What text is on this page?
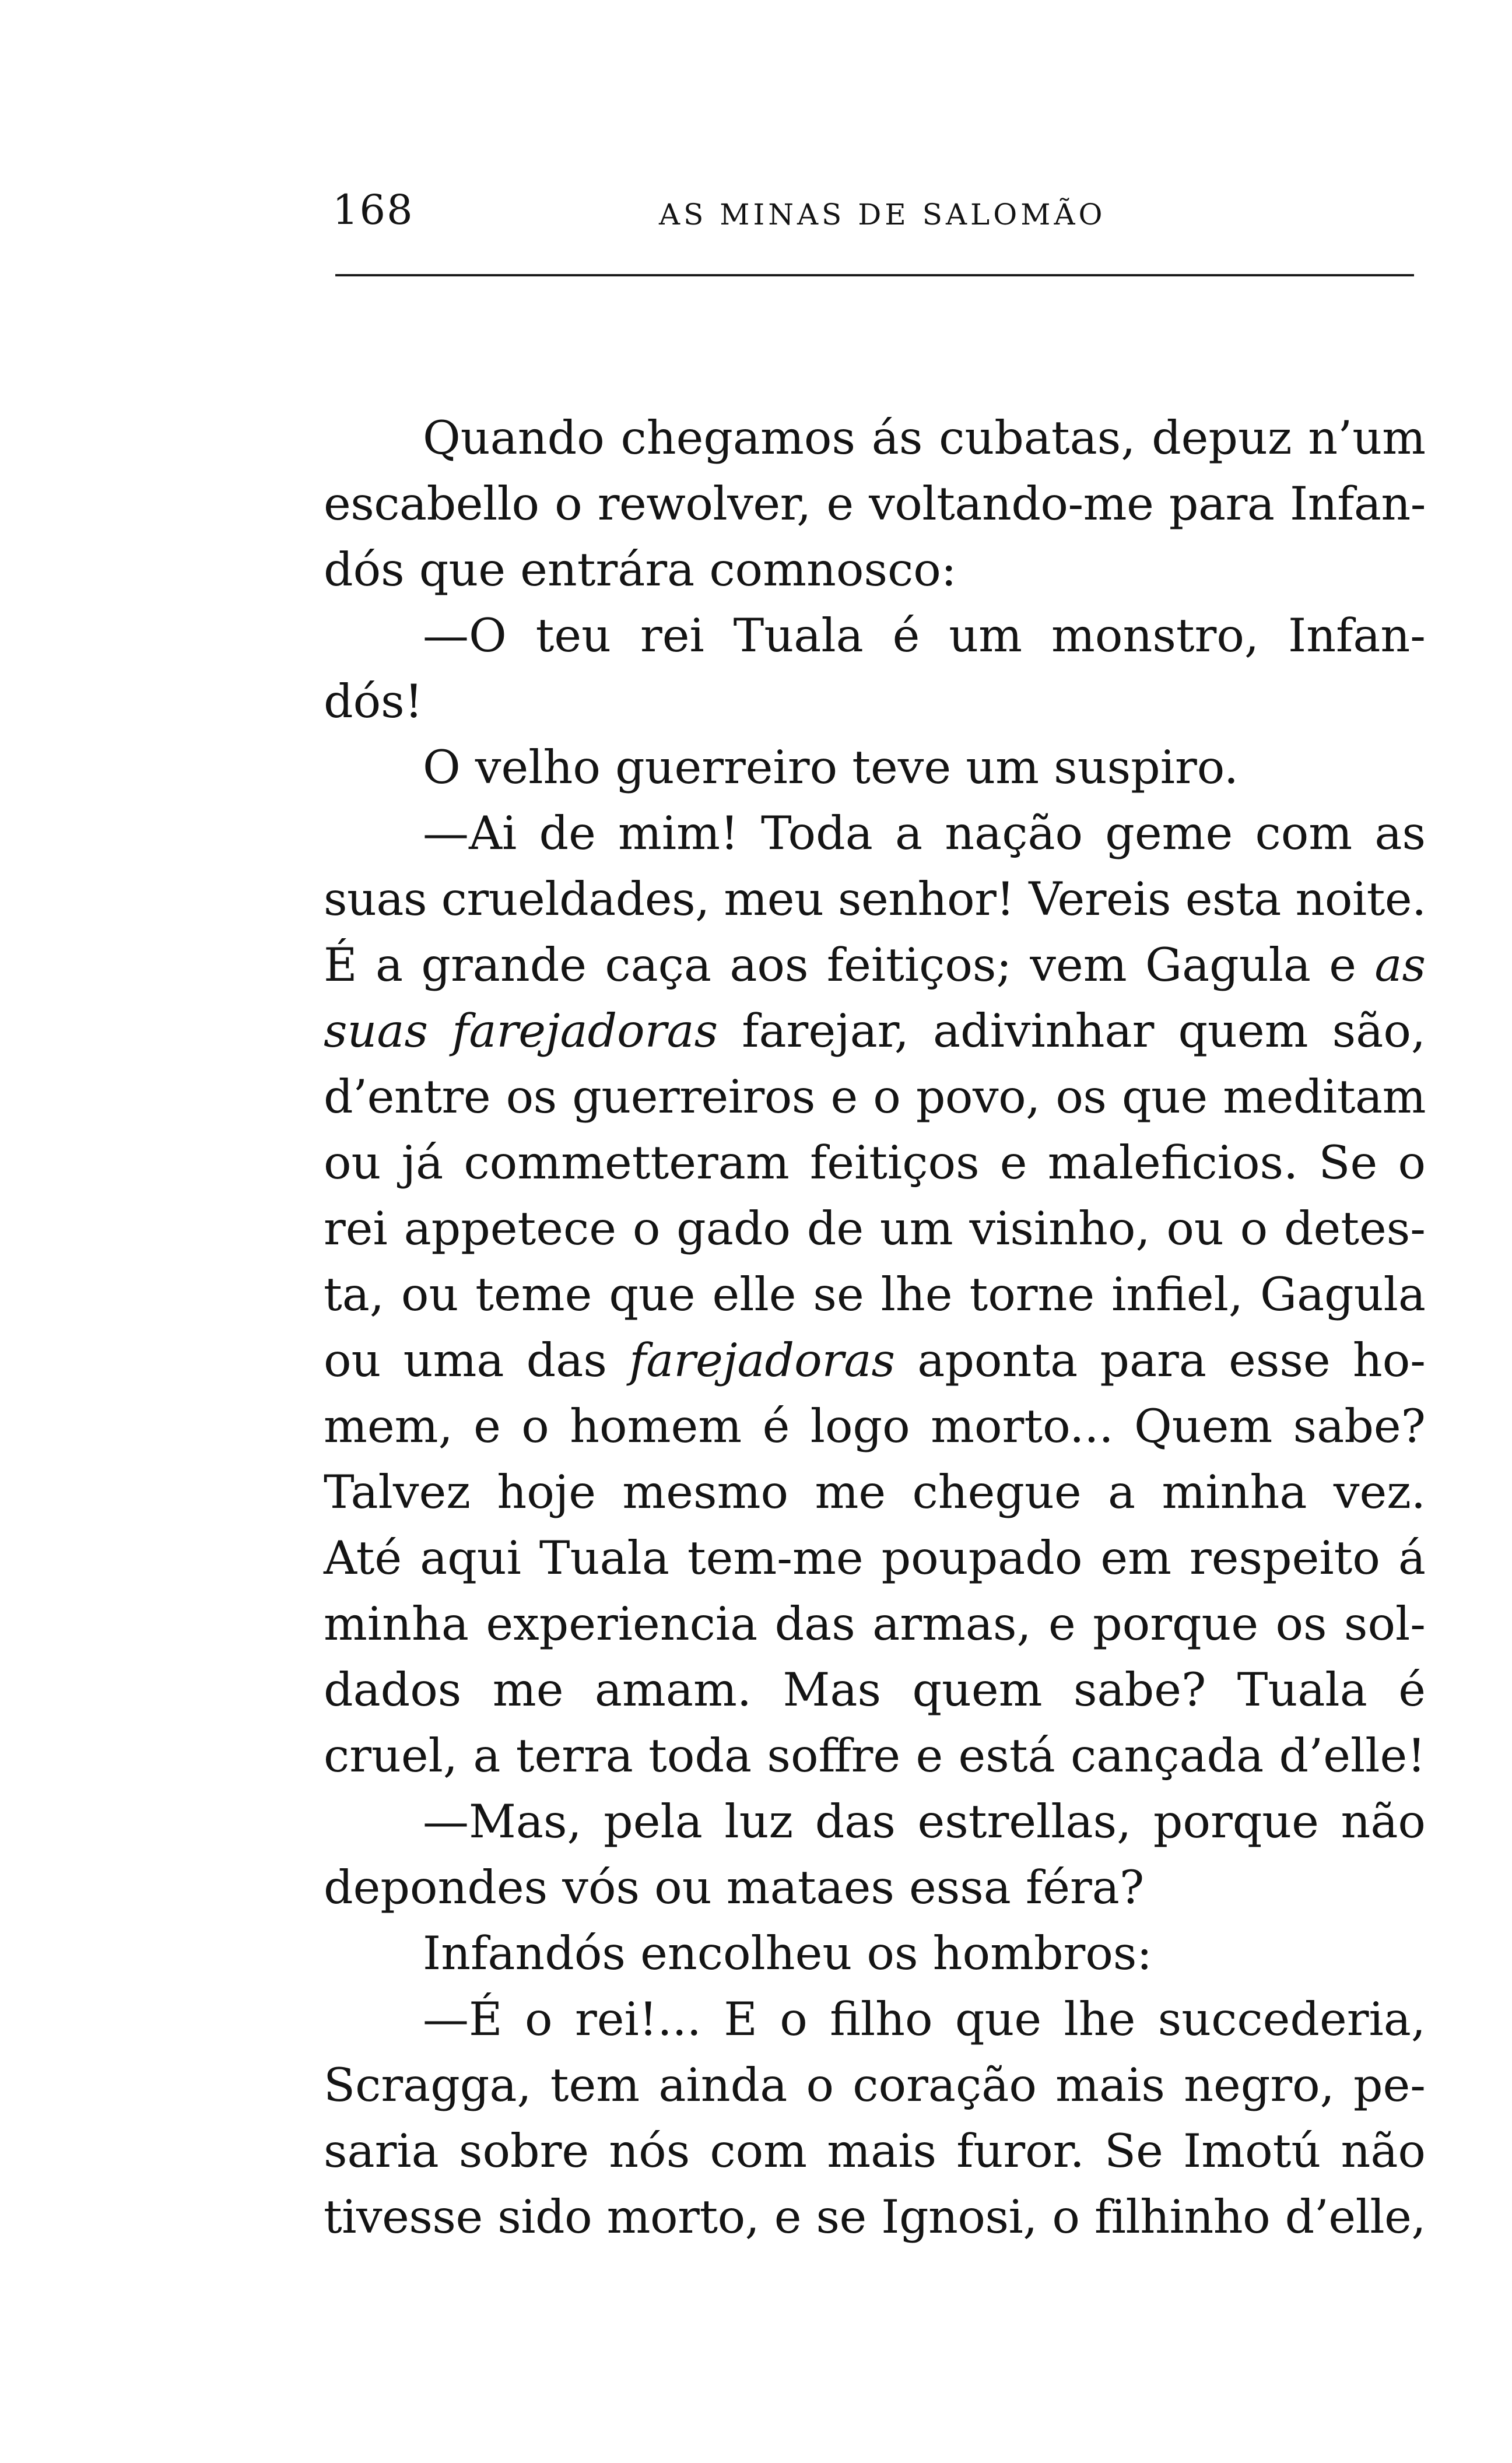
168	AS MINAS DE SALOMÃO
Quando chegamos ás cubatas, depuz n’um
escabello o rewolver, e voltando-me para Infan-
dós que entrára comnosco:
—O teu rei Tuala é um monstro, Infan-
dós!
O velho guerreiro teve um suspiro.
—Ai de mim! Toda a nação geme com as
suas crueldades, meu senhor! Vereis esta noite.
É a grande caça aos feitiços; vem Gagula e as
suas farejadoras farejar, adivinhar quem são,
d’entre os guerreiros e o povo, os que meditam
ou já commetteram feitiços e maleficios. Se o
rei appetece o gado de um visinho, ou o detes-
ta, ou teme que elle se lhe torne infiel, Gagula
ou uma das farejadoras aponta para esse ho-
mem, e o homem é logo morto... Quem sabe?
Talvez hoje mesmo me chegue a minha vez.
Até aqui Tuala tem-me poupado em respeito á
minha experiencia das armas, e porque os sol-
dados me amam. Mas quem sabe? Tuala é
cruel, a terra toda soffre e está cançada d’elle!
—Mas, pela luz das estrellas, porque não
depondes vós ou mataes essa féra?
Infandós encolheu os hombros:
—É o rei!... E o filho que lhe succederia,
Scragga, tem ainda o coração mais negro, pe-
saria sobre nós com mais furor. Se Imotú não
tivesse sido morto, e se Ignosi, o filhinho d’elle,
